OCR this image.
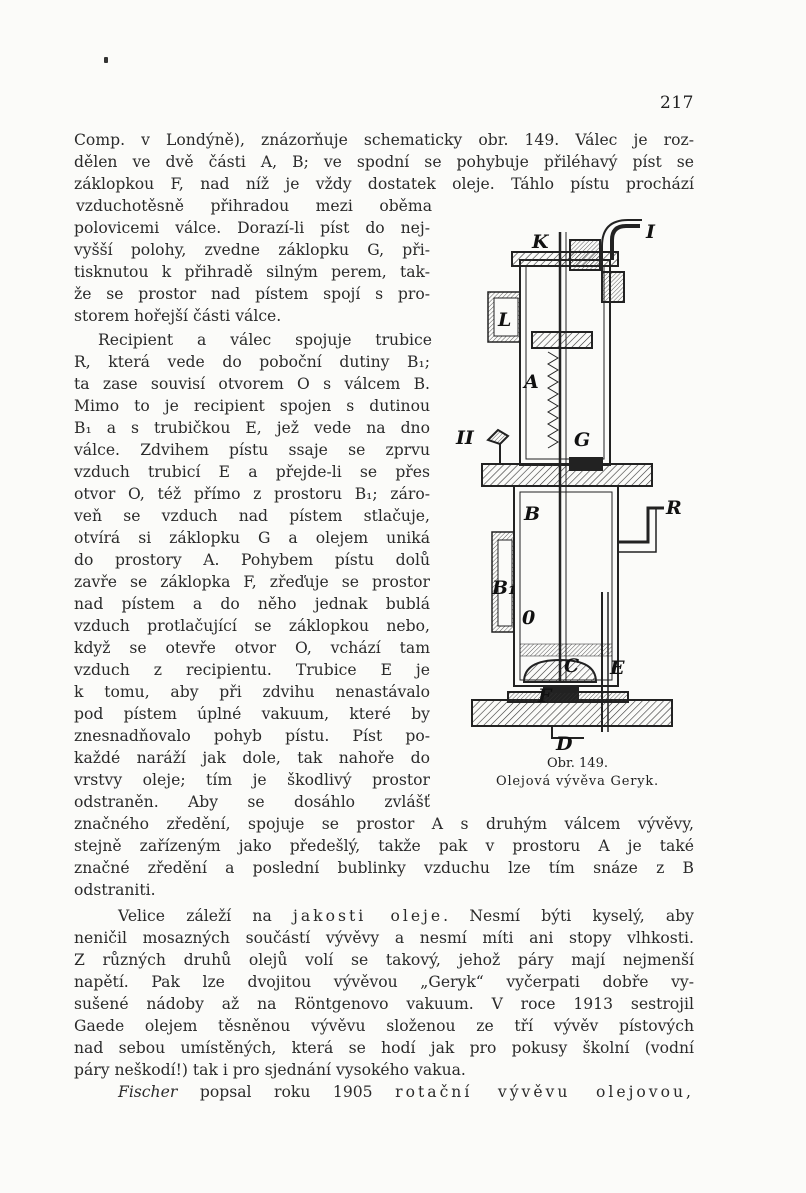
217
Comp. v Londýně), znázorňuje schematicky obr. 149. Válec je roz-
dělen ve dvě části A, B; ve spodní se pohybuje přiléhavý píst se
záklopkou F, nad níž je vždy dostatek oleje. Táhlo pístu prochází
vzduchotěsně přihradou mezi oběma
polovicemi válce. Dorazí-li píst do nej-
vyšší polohy, zvedne záklopku G, při-
tisknutou k přihradě silným perem, tak-
že se prostor nad pístem spojí s pro-
storem hořejší části válce.
Recipient a válec spojuje trubice
R, která vede do poboční dutiny B₁;
ta zase souvisí otvorem O s válcem B.
Mimo to je recipient spojen s dutinou
B₁ a s trubičkou E, jež vede na dno
válce. Zdvihem pístu ssaje se zprvu
vzduch trubicí E a přejde-li se přes
otvor O, též přímo z prostoru B₁; záro-
veň se vzduch nad pístem stlačuje,
otvírá si záklopku G a olejem uniká
do prostory A. Pohybem pístu dolů
zavře se záklopka F, zřeďuje se prostor
nad pístem a do něho jednak bublá
vzduch protlačující se záklopkou nebo,
když se otevře otvor O, vchází tam
vzduch z recipientu. Trubice E je
k tomu, aby při zdvihu nenastávalo
pod pístem úplné vakuum, které by
znesnadňovalo pohyb pístu. Píst po-
každé naráží jak dole, tak nahoře do
vrstvy oleje; tím je škodlivý prostor
odstraněn. Aby se dosáhlo zvlášť
značného zředění, spojuje se prostor A s druhým válcem vývěvy,
stejně zařízeným jako předešlý, takže pak v prostoru A je také
značné zředění a poslední bublinky vzduchu lze tím snáze z B
odstraniti.
Velice záleží na jakosti oleje. Nesmí býti kyselý, aby
neničil mosazných součástí vývěvy a nesmí míti ani stopy vlhkosti.
Z různých druhů olejů volí se takový, jehož páry mají nejmenší
napětí. Pak lze dvojitou vývěvou „Geryk“ vyčerpati dobře vy-
sušené nádoby až na Röntgenovo vakuum. V roce 1913 sestrojil
Gaede olejem těsněnou vývěvu složenou ze tří vývěv pístových
nad sebou umístěných, která se hodí jak pro pokusy školní (vodní
páry neškodí!) tak i pro sjednání vysokého vakua.
Fischer popsal roku 1905 rotační vývěvu olejovou,
K	I
L
A
II	G
B	R
B₁
0
C E
F
D
Obr. 149.
Olejová vývěva Geryk.
